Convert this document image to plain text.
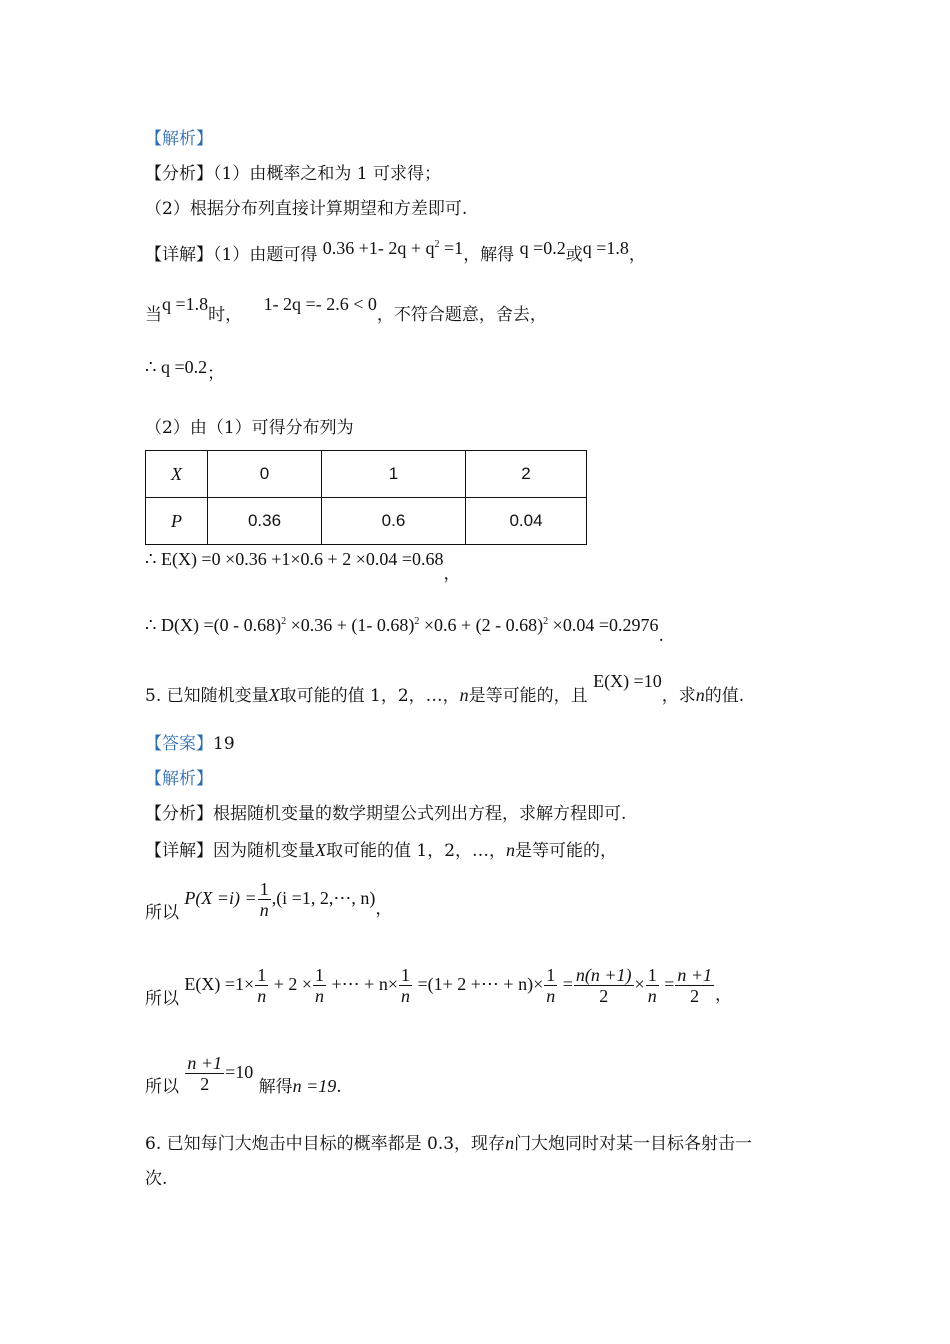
【解析】
【分析】（1）由概率之和为 1 可求得；
（2）根据分布列直接计算期望和方差即可.
【详解】（1）由题可得 0.36 +1- $2q + q^2 =1$，解得 q =0.2或q =1.8，
当q =1.8时， 1- 2q =- 2.6 < 0，不符合题意，舍去，
∴ q =0.2；
（2）由（1）可得分布列为
X	0	1	2
P	0.36	0.6	0.04
∴ E(X) =0 ×0.36 +1×0.6 + 2 ×0.04 =0.68，
∴ D(X) =(0 - 0.68)$^2$ ×0.36 + (1- 0.68)$^2$ ×0.6 + (2 - 0.68)$^2$ ×0.04 =0.2976.
5. 已知随机变量X取可能的值 1，2，…，n是等可能的，且 E(X) =10，求n的值.
【答案】19
【解析】
【分析】根据随机变量的数学期望公式列出方程，求解方程即可.
【详解】因为随机变量X取可能的值 1，2，…，n是等可能的，
所以 $P(X =i) = \frac{1}{n} ,(i =1$, 2,⋯, n)，
所以 $E(X) =1\times \frac{1}{n} + 2 \times \frac{1}{n}$ +⋯ + $n\times \frac{1}{n} =(1+ 2$ +⋯ + $n)\times \frac{1}{n} = \frac{n(n +1)}{2} \times \frac{1}{n} = \frac{n +1}{2}$ ，
所以 $\frac{n +1}{2} =10$ 解得n =19.
6. 已知每门大炮击中目标的概率都是 0.3，现存n门大炮同时对某一目标各射击一
次.
